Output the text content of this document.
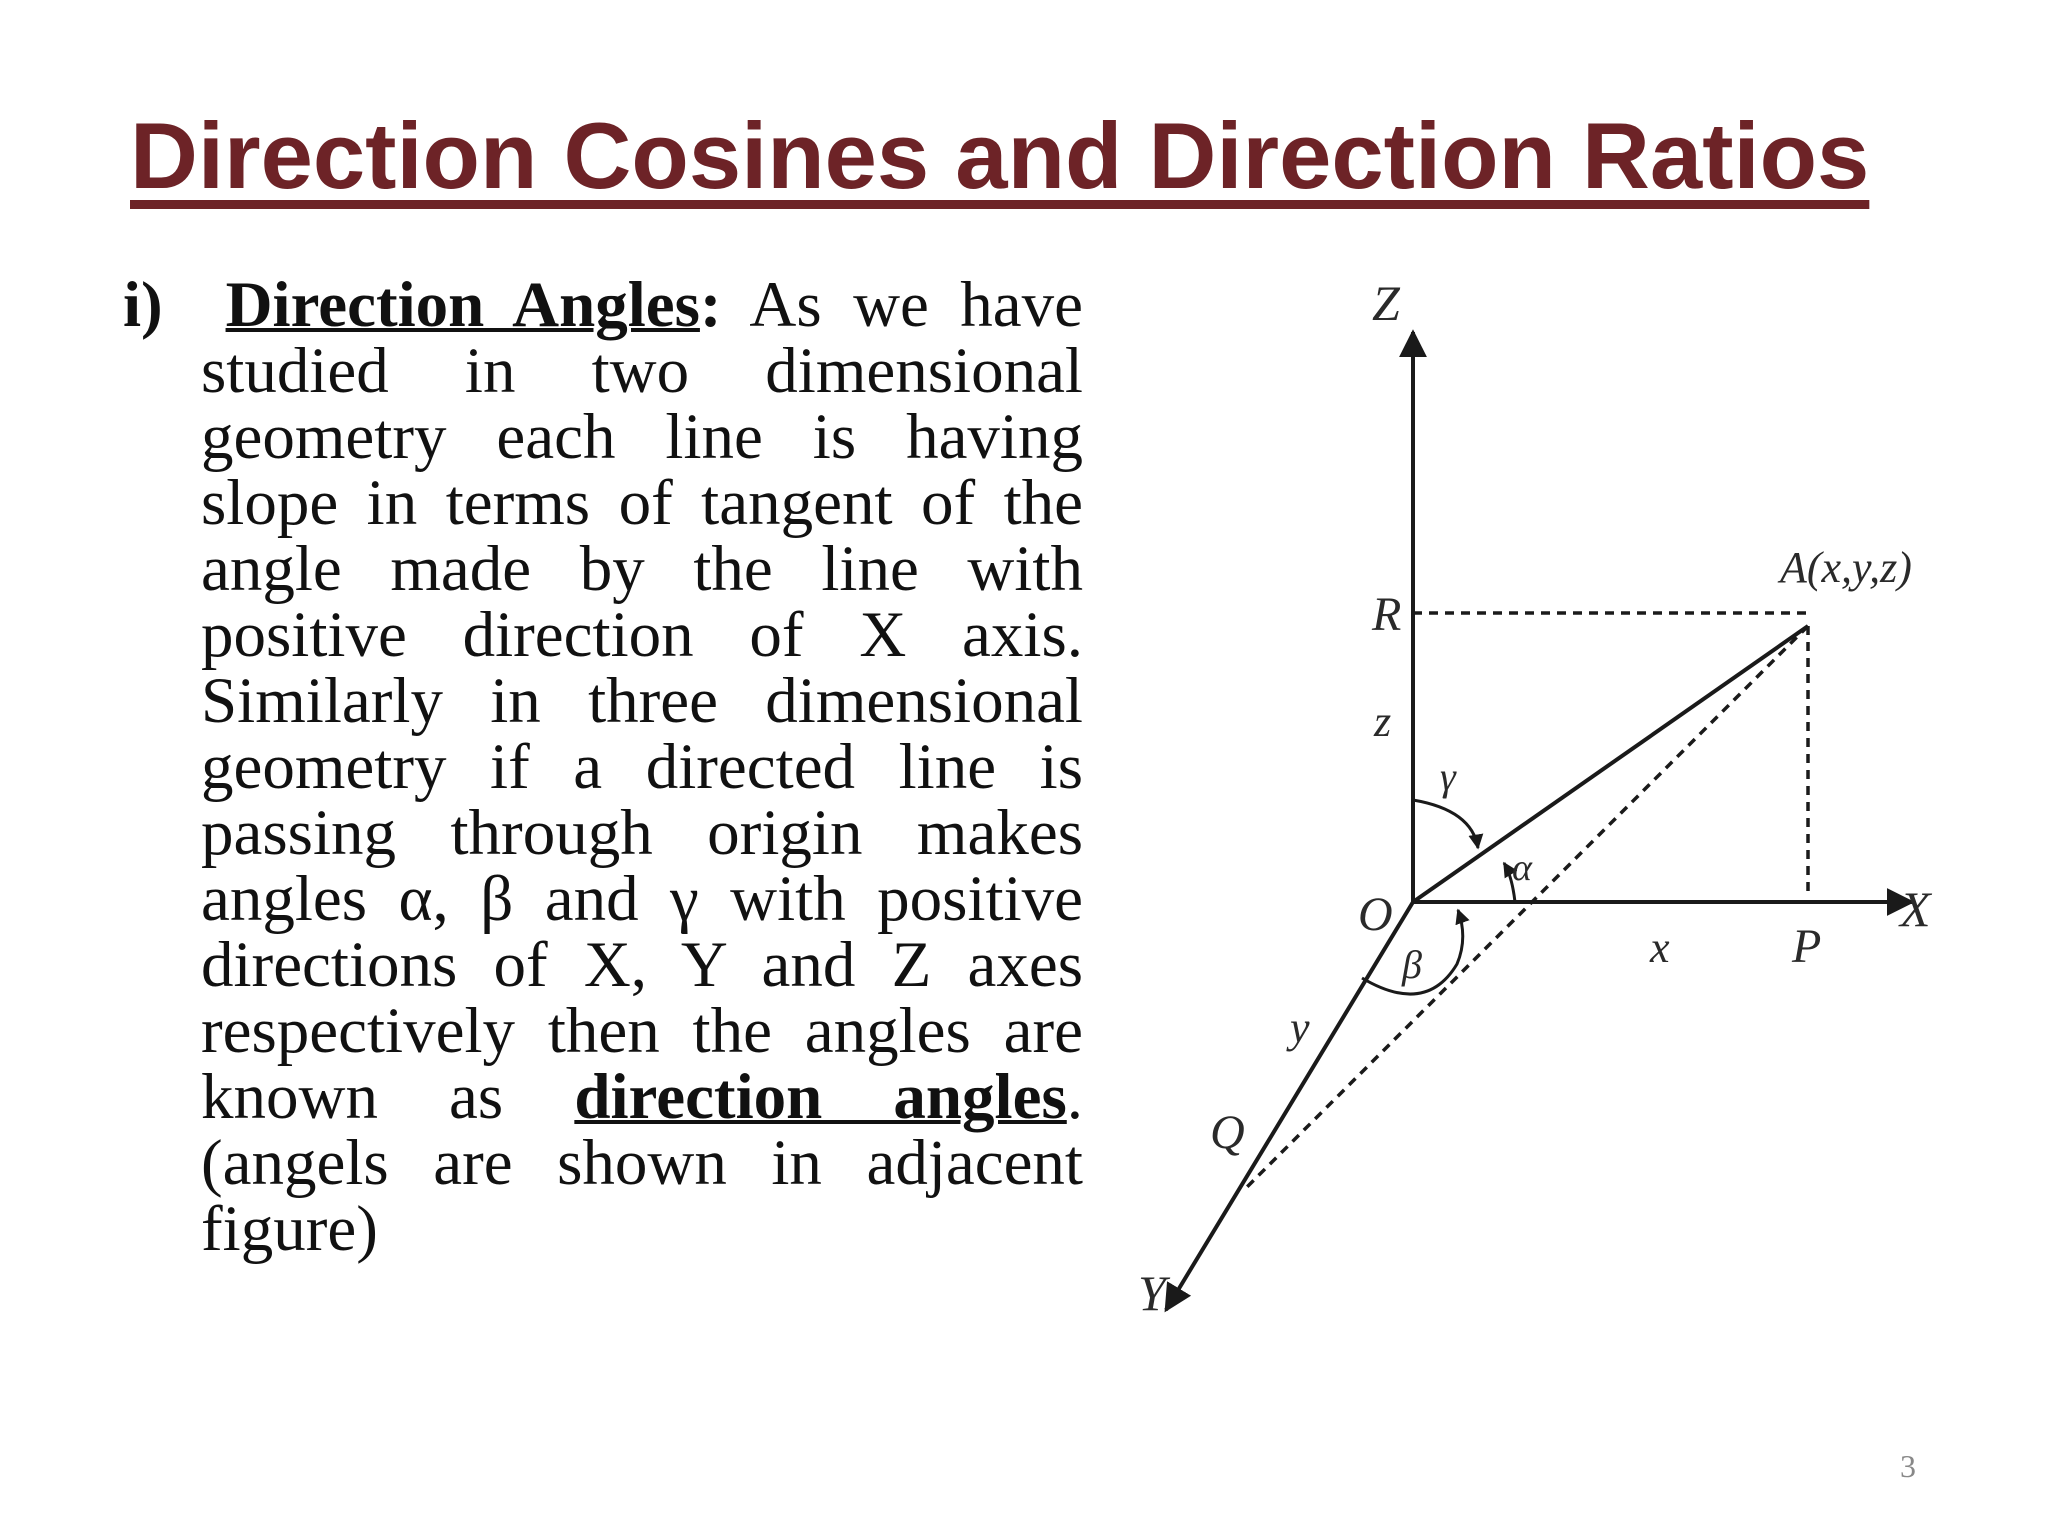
Direction Cosines and Direction Ratios

i) Direction Angles: As we have studied in two dimensional geometry each line is having slope in terms of tangent of the angle made by the line with positive direction of X axis. Similarly in three dimensional geometry if a directed line is passing through origin makes angles α, β and γ with positive directions of X, Y and Z axes respectively then the angles are known as direction angles. (angels are shown in adjacent figure)

Z
X
Y
A(x,y,z)
R
z
O
γ
α
β	x	P
y
Q
3
